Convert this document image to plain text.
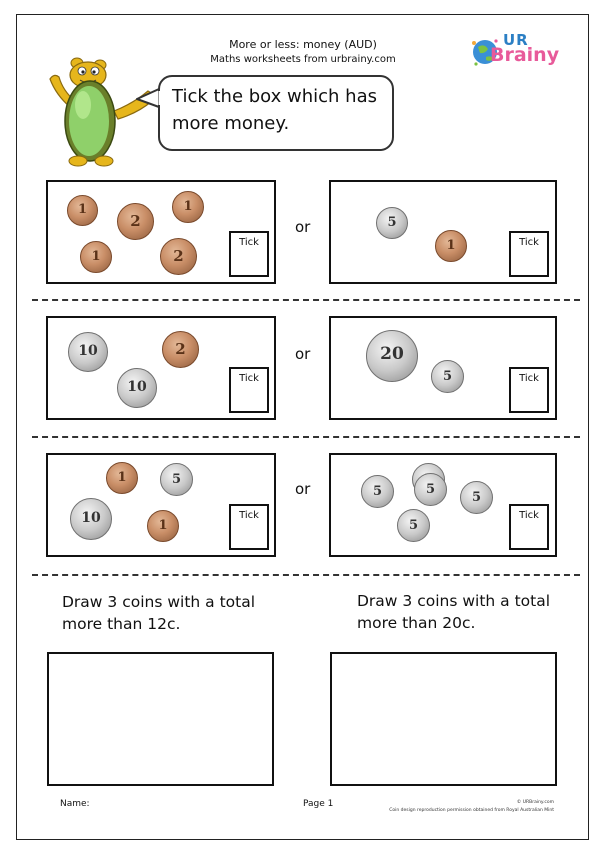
More or less: money (AUD)
Maths worksheets from urbrainy.com
UR
Brainy
Tick the box which has more money.
Tick
1
2
1
1	2
or
Tick
5
1
Tick
10	2
10
or
Tick
20
5
Tick
1	5
10	1
or
Tick
5	5
5
5
Draw 3 coins with a total
more than 12c.
Draw 3 coins with a total
more than 20c.
Name:	Page 1	© URBrainy.com
Coin design reproduction permission obtained from Royal Australian Mint
